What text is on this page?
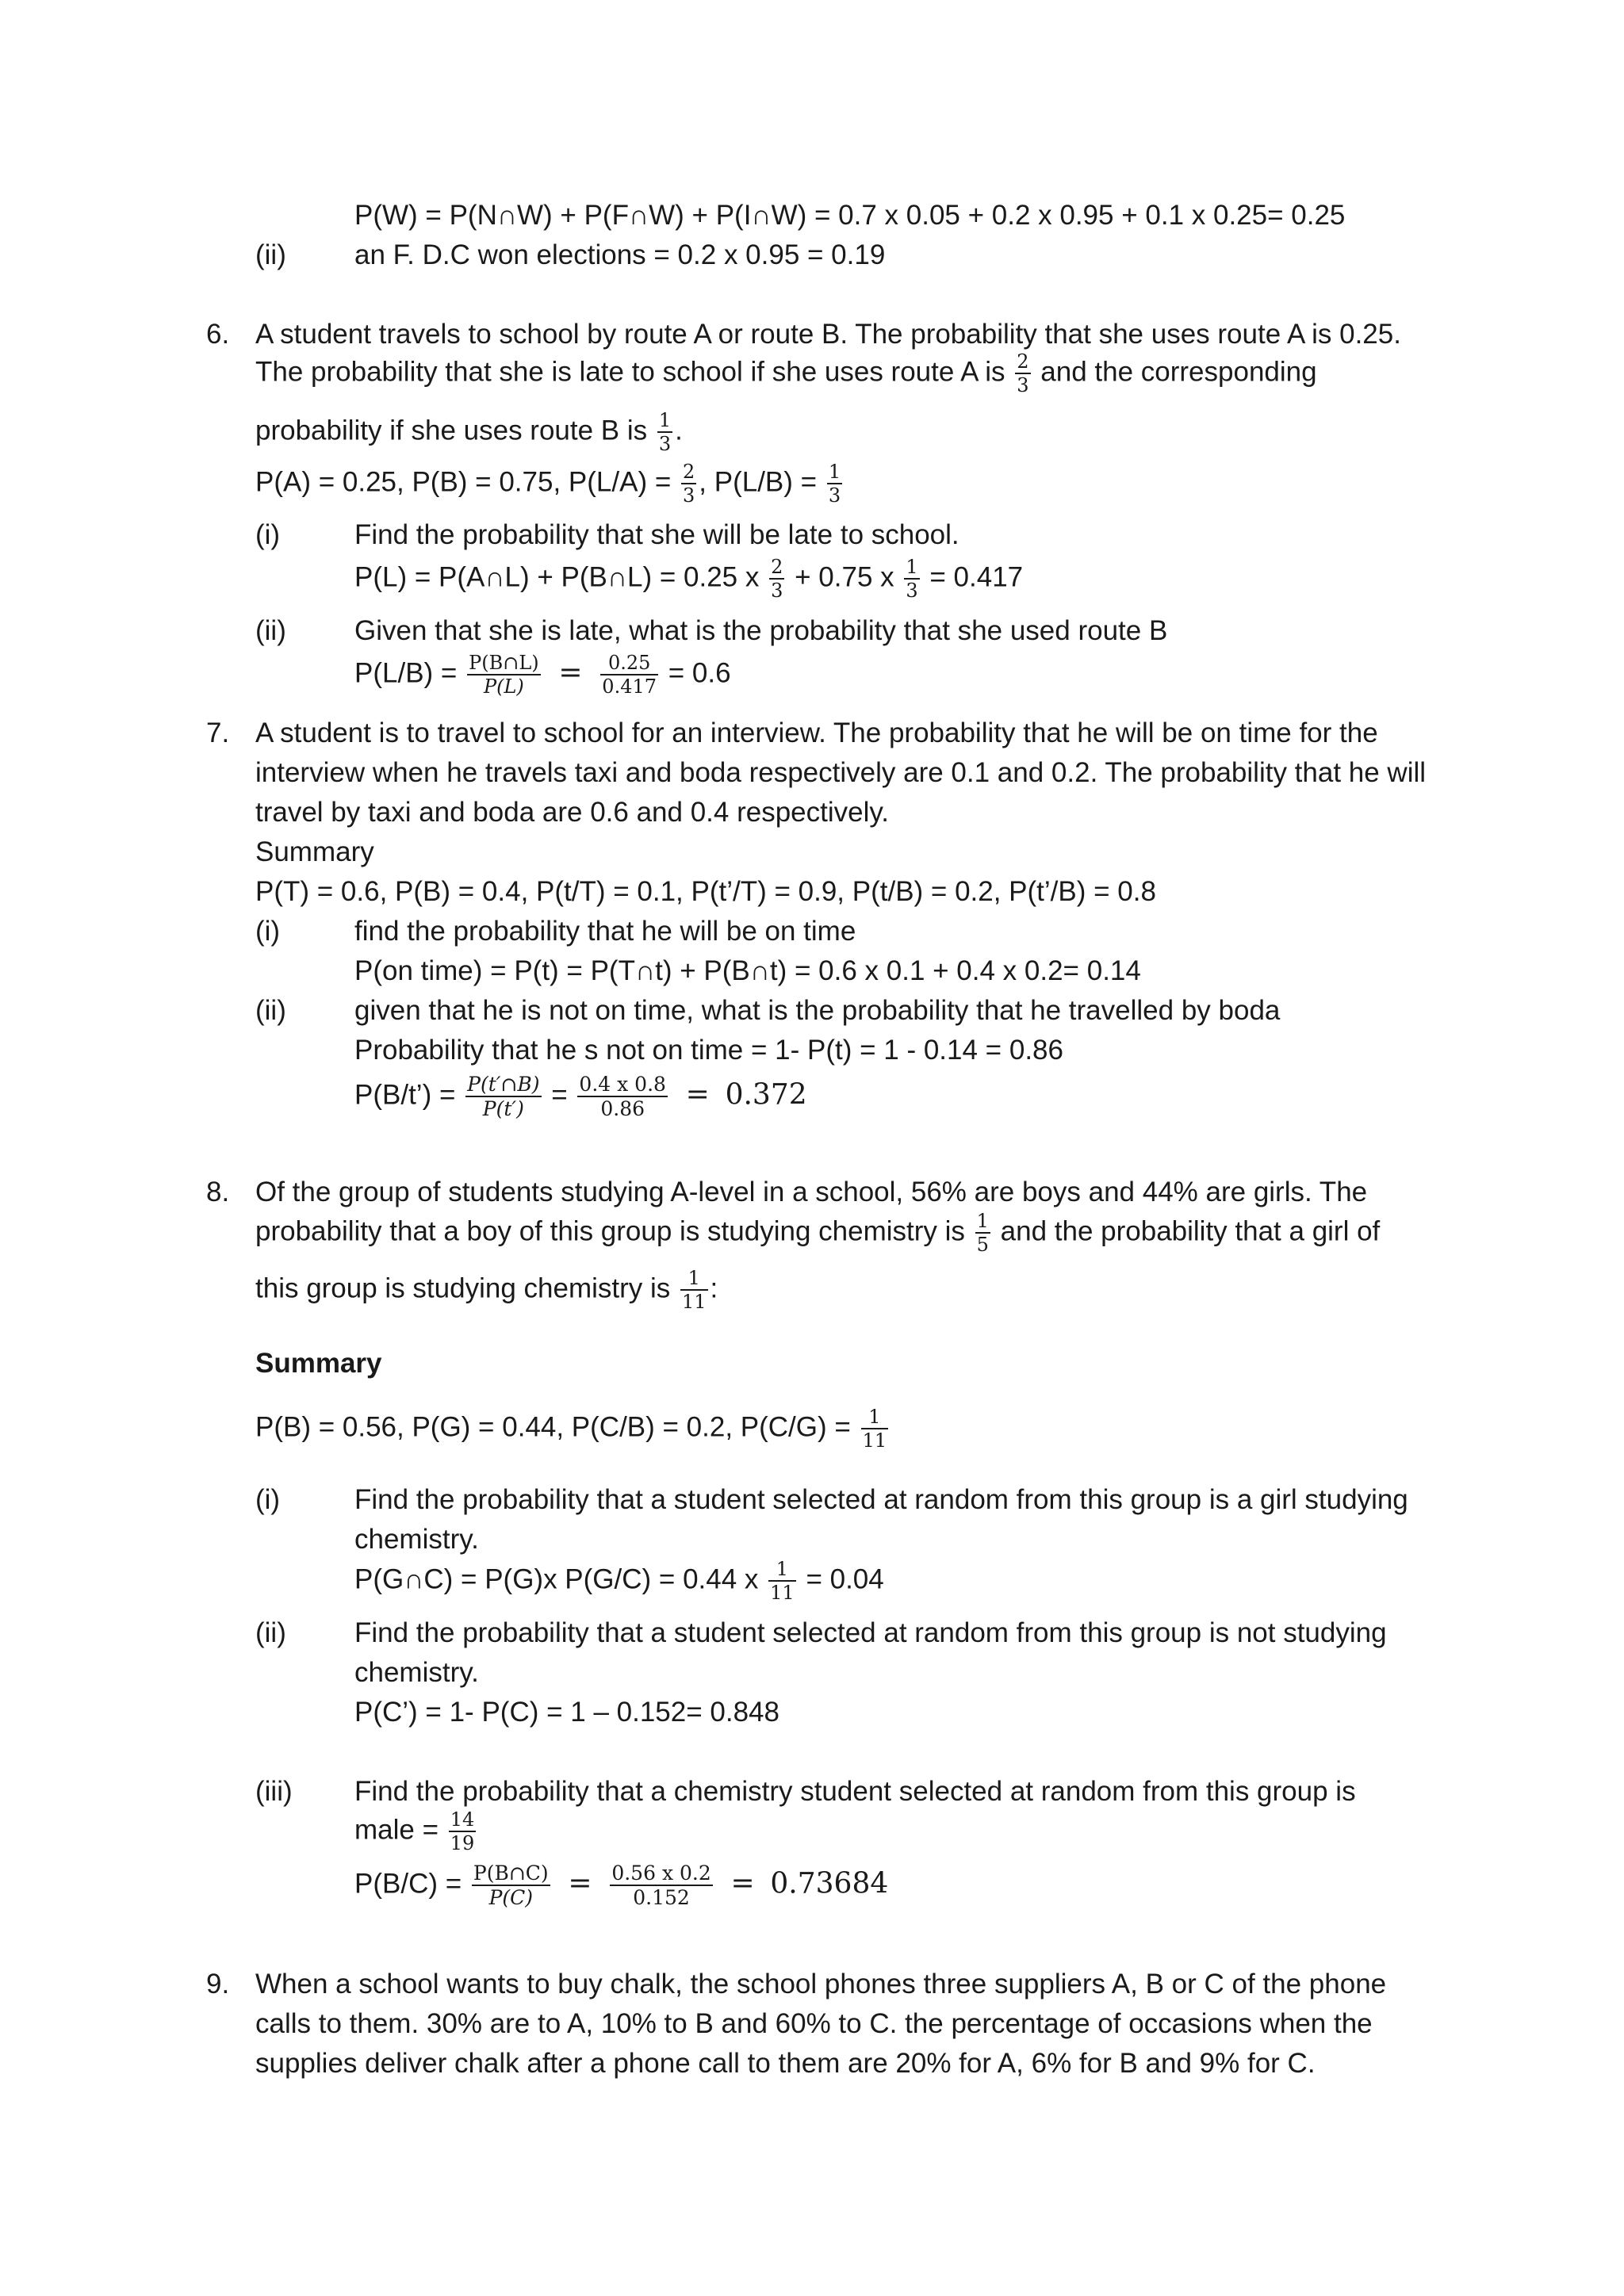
P(W) = P(N∩W) + P(F∩W) + P(I∩W) = 0.7 x 0.05 + 0.2 x 0.95 + 0.1 x 0.25= 0.25
(ii) an F. D.C won elections = 0.2 x 0.95 = 0.19
6. A student travels to school by route A or route B. The probability that she uses route A is 0.25.
The probability that she is late to school if she uses route A is $\frac{2}{3}$ and the corresponding
probability if she uses route B is $\frac{1}{3}$ .
P(A) = 0.25, P(B) = 0.75, $P(L/A) = \frac{2}{3}$ , $P(L/B) = \frac{1}{3}$
(i)	Find the probability that she will be late to school.
P(L) = P(A∩L) + P(B∩L) = 0.25 x $\frac{2}{3} + 0.75$ x $\frac{1}{3} = 0.417$
(ii) Given that she is late, what is the probability that she used route B
$P(L/B) = \frac{P(B\cap L)}{P(L)} = \frac{0.25}{0.417} = 0.6$
7. A student is to travel to school for an interview. The probability that he will be on time for the
interview when he travels taxi and boda respectively are 0.1 and 0.2. The probability that he will
travel by taxi and boda are 0.6 and 0.4 respectively.
Summary
P(T) = 0.6, P(B) = 0.4, P(t/T) = 0.1, P(t’/T) = 0.9, P(t/B) = 0.2, P(t’/B) = 0.8
(i)	find the probability that he will be on time
P(on time) = P(t) = P(T∩t) + P(B∩t) = 0.6 x 0.1 + 0.4 x 0.2= 0.14
(ii) given that he is not on time, what is the probability that he travelled by boda
Probability that he s not on time = 1- P(t) = 1 - 0.14 = 0.86
P(B/t’) = $\frac{P(t'\cap B)}{P(t')} = \frac{0.4 x 0.8}{0.86} = 0.372$
8. Of the group of students studying A-level in a school, 56% are boys and 44% are girls. The
probability that a boy of this group is studying chemistry is $\frac{1}{5}$ and the probability that a girl of
this group is studying chemistry is $\frac{1}{11}$ :
Summary
P(B) = 0.56, P(G) = 0.44, P(C/B) = 0.2, $P(C/G) = \frac{1}{11}$
(i)	Find the probability that a student selected at random from this group is a girl studying
chemistry.
P(G∩C) = P(G)x P(G/C) = 0.44 x $\frac{1}{11} = 0.04$
(ii) Find the probability that a student selected at random from this group is not studying
chemistry.
P(C’) = 1- P(C) = 1 – 0.152= 0.848
(iii) Find the probability that a chemistry student selected at random from this group is
male = $\frac{14}{19}$
$P(B/C) = \frac{P(B\cap C)}{P(C)} = \frac{0.56 x 0.2}{0.152} = 0.73684$
9. When a school wants to buy chalk, the school phones three suppliers A, B or C of the phone
calls to them. 30% are to A, 10% to B and 60% to C. the percentage of occasions when the
supplies deliver chalk after a phone call to them are 20% for A, 6% for B and 9% for C.
